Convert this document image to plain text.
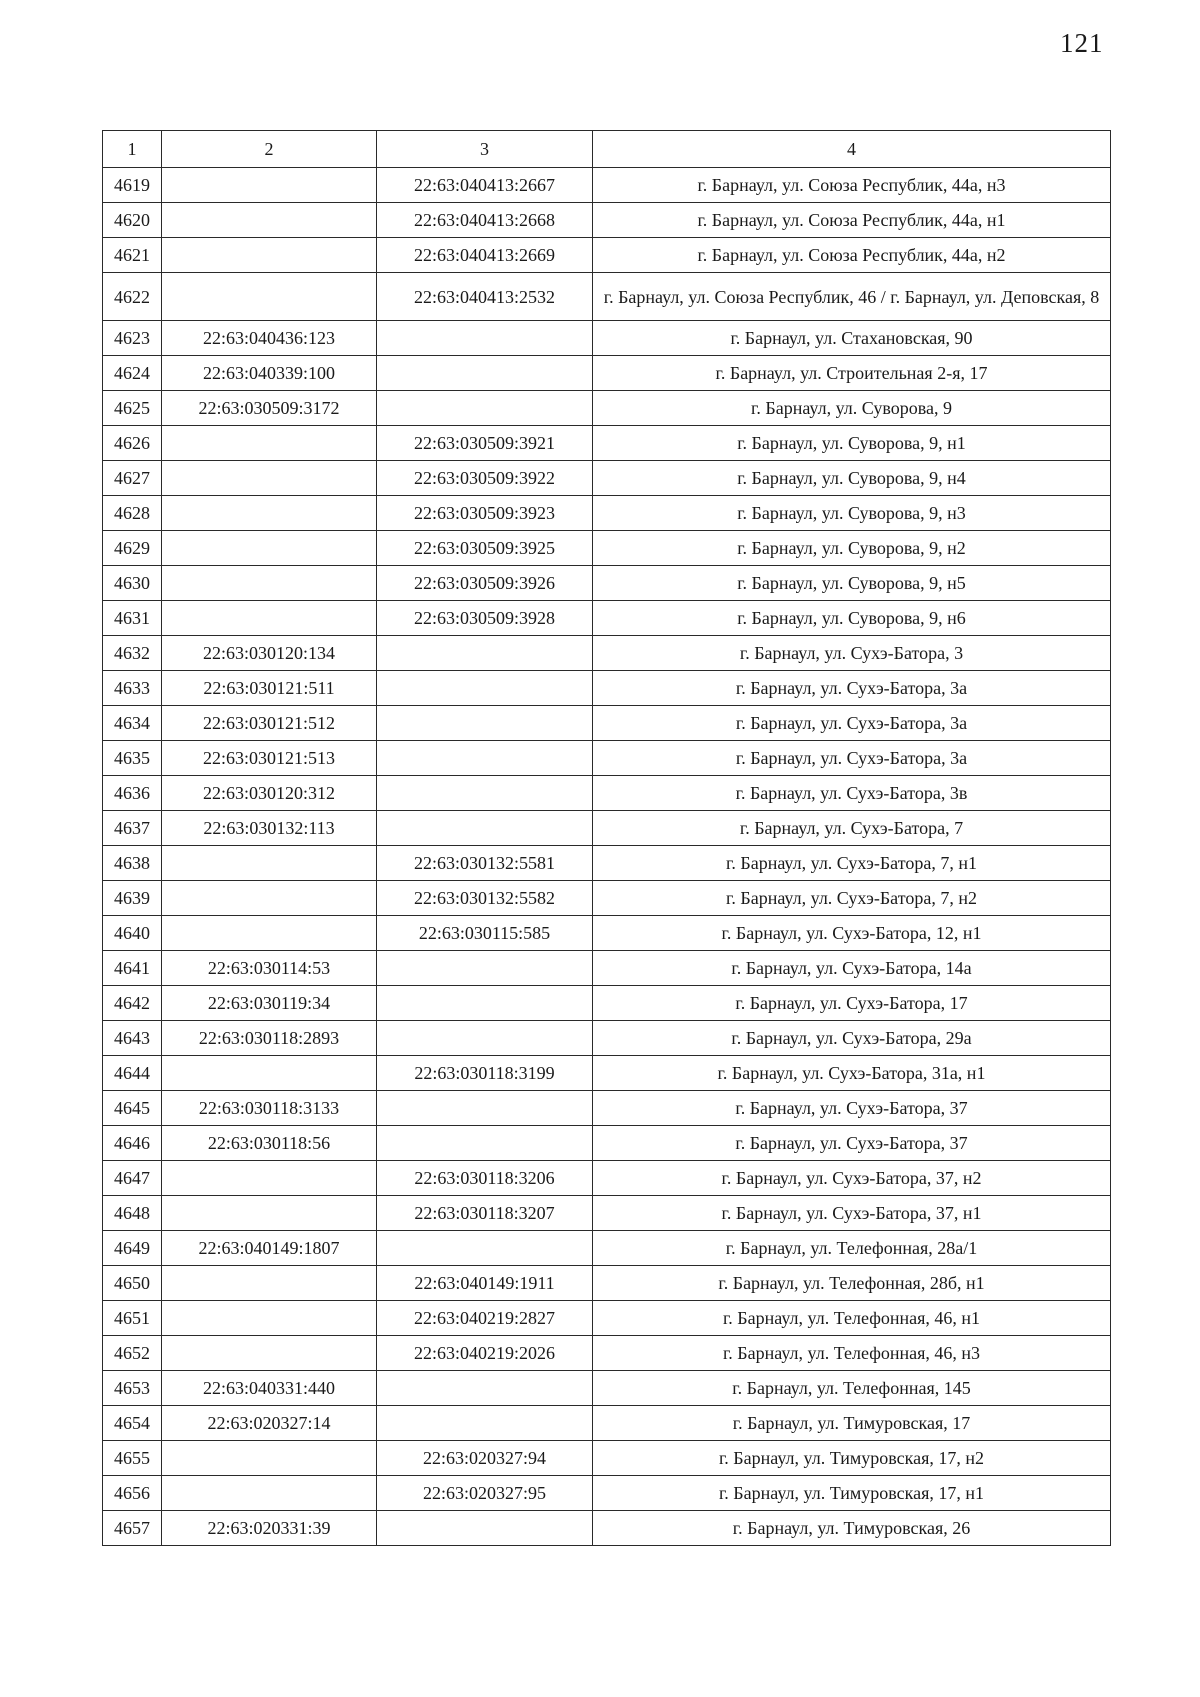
121
1	2	3	4
4619		22:63:040413:2667	г. Барнаул, ул. Союза Республик, 44а, н3
4620		22:63:040413:2668	г. Барнаул, ул. Союза Республик, 44а, н1
4621		22:63:040413:2669	г. Барнаул, ул. Союза Республик, 44а, н2
4622		22:63:040413:2532	г. Барнаул, ул. Союза Республик, 46 / г. Барнаул, ул. Деповская, 8
4623	22:63:040436:123		г. Барнаул, ул. Стахановская, 90
4624	22:63:040339:100		г. Барнаул, ул. Строительная 2-я, 17
4625	22:63:030509:3172		г. Барнаул, ул. Суворова, 9
4626		22:63:030509:3921	г. Барнаул, ул. Суворова, 9, н1
4627		22:63:030509:3922	г. Барнаул, ул. Суворова, 9, н4
4628		22:63:030509:3923	г. Барнаул, ул. Суворова, 9, н3
4629		22:63:030509:3925	г. Барнаул, ул. Суворова, 9, н2
4630		22:63:030509:3926	г. Барнаул, ул. Суворова, 9, н5
4631		22:63:030509:3928	г. Барнаул, ул. Суворова, 9, н6
4632	22:63:030120:134		г. Барнаул, ул. Сухэ-Батора, 3
4633	22:63:030121:511		г. Барнаул, ул. Сухэ-Батора, 3а
4634	22:63:030121:512		г. Барнаул, ул. Сухэ-Батора, 3а
4635	22:63:030121:513		г. Барнаул, ул. Сухэ-Батора, 3а
4636	22:63:030120:312		г. Барнаул, ул. Сухэ-Батора, 3в
4637	22:63:030132:113		г. Барнаул, ул. Сухэ-Батора, 7
4638		22:63:030132:5581	г. Барнаул, ул. Сухэ-Батора, 7, н1
4639		22:63:030132:5582	г. Барнаул, ул. Сухэ-Батора, 7, н2
4640		22:63:030115:585	г. Барнаул, ул. Сухэ-Батора, 12, н1
4641	22:63:030114:53		г. Барнаул, ул. Сухэ-Батора, 14а
4642	22:63:030119:34		г. Барнаул, ул. Сухэ-Батора, 17
4643	22:63:030118:2893		г. Барнаул, ул. Сухэ-Батора, 29а
4644		22:63:030118:3199	г. Барнаул, ул. Сухэ-Батора, 31а, н1
4645	22:63:030118:3133		г. Барнаул, ул. Сухэ-Батора, 37
4646	22:63:030118:56		г. Барнаул, ул. Сухэ-Батора, 37
4647		22:63:030118:3206	г. Барнаул, ул. Сухэ-Батора, 37, н2
4648		22:63:030118:3207	г. Барнаул, ул. Сухэ-Батора, 37, н1
4649	22:63:040149:1807		г. Барнаул, ул. Телефонная, 28а/1
4650		22:63:040149:1911	г. Барнаул, ул. Телефонная, 28б, н1
4651		22:63:040219:2827	г. Барнаул, ул. Телефонная, 46, н1
4652		22:63:040219:2026	г. Барнаул, ул. Телефонная, 46, н3
4653	22:63:040331:440		г. Барнаул, ул. Телефонная, 145
4654	22:63:020327:14		г. Барнаул, ул. Тимуровская, 17
4655		22:63:020327:94	г. Барнаул, ул. Тимуровская, 17, н2
4656		22:63:020327:95	г. Барнаул, ул. Тимуровская, 17, н1
4657	22:63:020331:39		г. Барнаул, ул. Тимуровская, 26
